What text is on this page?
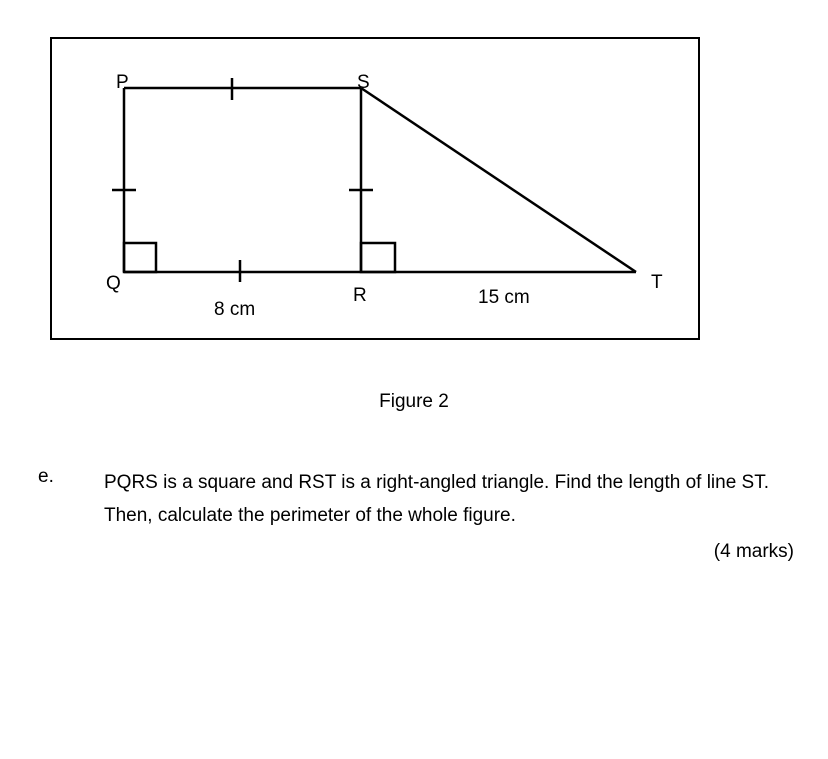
P	S
Q
R
T
8 cm
15 cm
Figure 2
e.	PQRS is a square and RST is a right-angled triangle. Find the length of line ST. Then, calculate the perimeter of the whole figure.
(4 marks)
